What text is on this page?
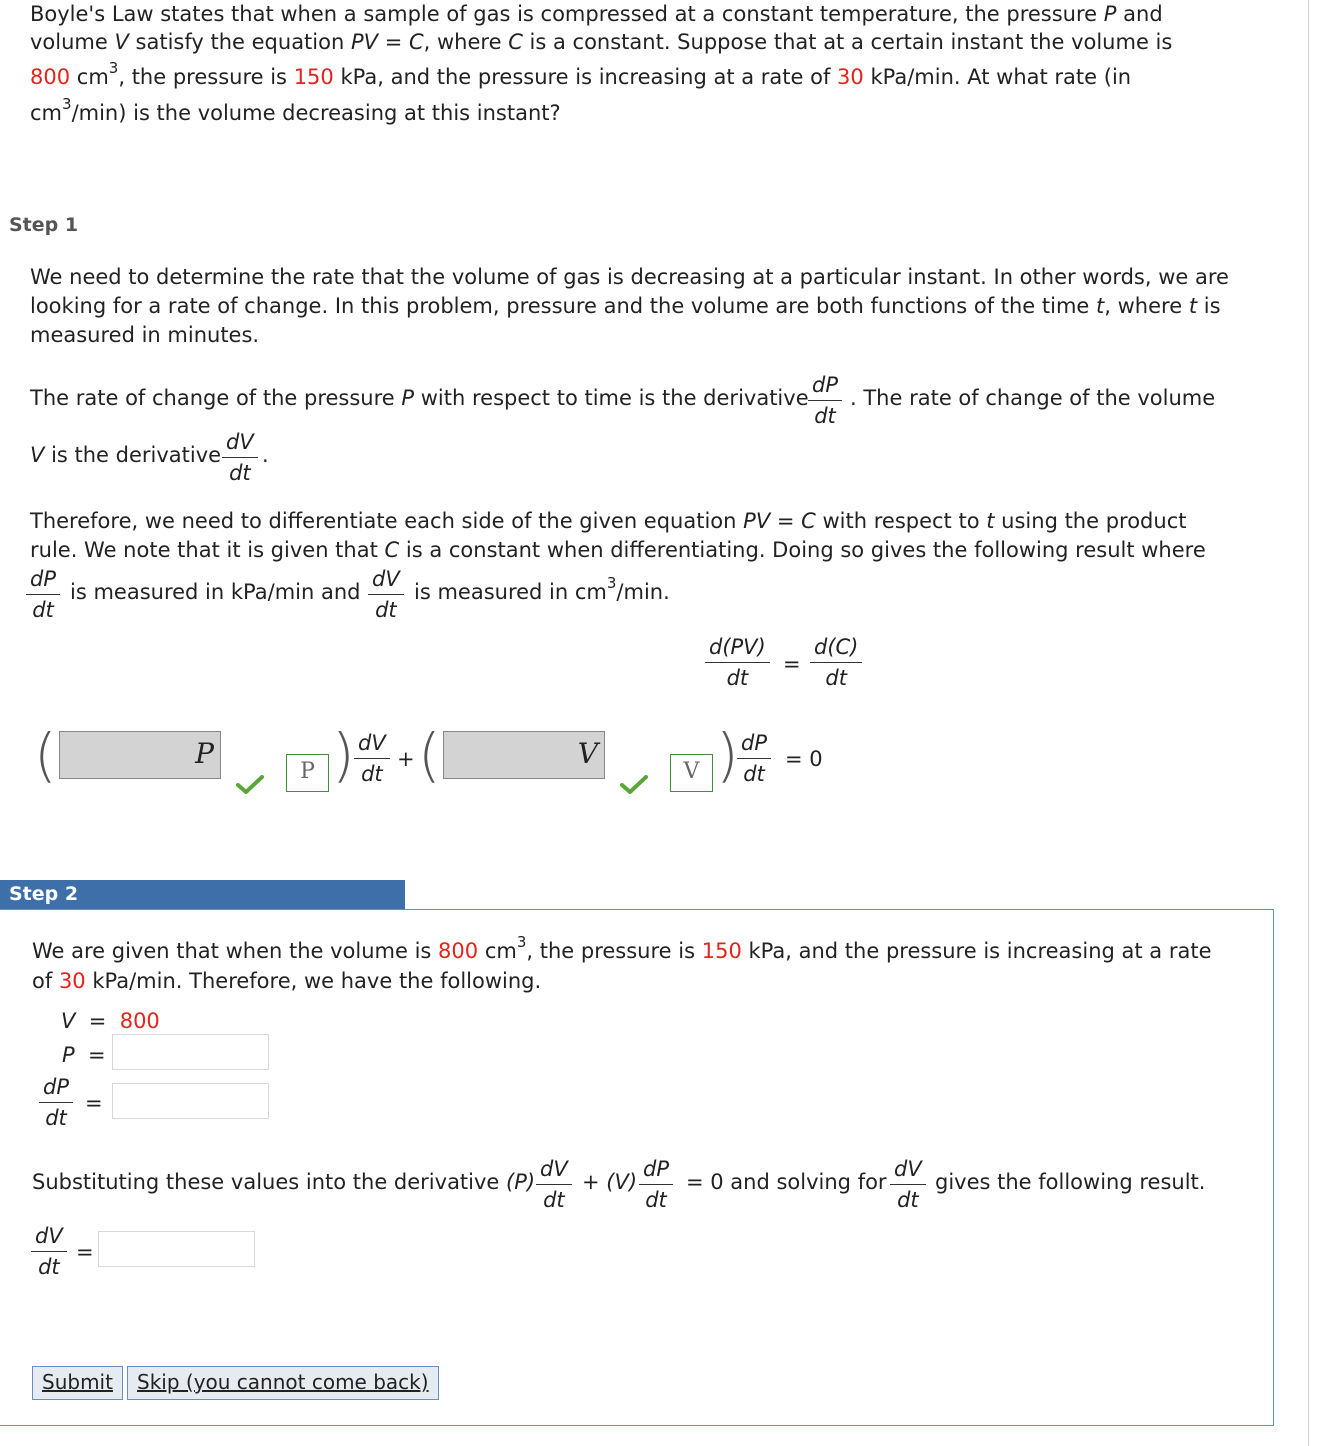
Boyle's Law states that when a sample of gas is compressed at a constant temperature, the pressure P and
volume V satisfy the equation PV = C, where C is a constant. Suppose that at a certain instant the volume is
800 $cm^3$, the pressure is 150 kPa, and the pressure is increasing at a rate of 30 kPa/min. At what rate (in
$cm^3/\min$) is the volume decreasing at this instant?
Step 1
We need to determine the rate that the volume of gas is decreasing at a particular instant. In other words, we are
looking for a rate of change. In this problem, pressure and the volume are both functions of the time t, where t is
measured in minutes.
The rate of change of the pressure P with respect to time is the derivative $\frac{dP}{dt}$ . The rate of change of the volume
V is the derivative $\frac{dV}{dt}$ .
Therefore, we need to differentiate each side of the given equation PV = C with respect to t using the product
rule. We note that it is given that C is a constant when differentiating. Doing so gives the following result where
$\frac{dP}{dt}$ is measured in kPa/min and $\frac{dV}{dt}$ is measured in $cm^3/\min$.
$\frac{d(PV)}{dt} = \frac{d(C)}{dt}$
(	P
P ) $\frac{dV}{dt}$ + (	V
V )
$\frac{dP}{dt} = 0$
Step 2
We are given that when the volume is 800 $cm^3$, the pressure is 150 kPa, and the pressure is increasing at a rate
of 30 kPa/min. Therefore, we have the following.
V = 800
P =
$\frac{dP}{dt}$ =
Substituting these values into the derivative $(P) \frac{dV}{dt} + (V) \frac{dP}{dt} = 0$ and solving for $\frac{dV}{dt}$ gives the following result.
$\frac{dV}{dt}$ =
Submit	Skip (you cannot come back)
